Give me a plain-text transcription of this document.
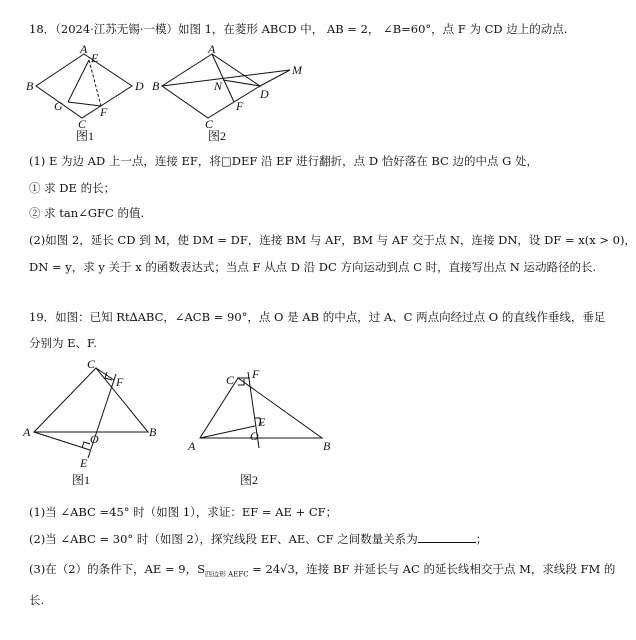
18．（2024·江苏无锡·一模）如图 1，在菱形 ABCD 中， AB = 2， ∠B=60°，点 F 为 CD 边上的动点.
A
E
B	D
G
C
F
图1
A
M
B	N
D
F
C
图2
(1) E 为边 AD 上一点，连接 EF，将□DEF 沿 EF 进行翻折，点 D 恰好落在 BC 边的中点 G 处，
① 求 DE 的长；
② 求 tan∠GFC 的值.
(2)如图 2，延长 CD 到 M，使 DM = DF，连接 BM 与 AF，BM 与 AF 交于点 N，连接 DN，设 DF = x(x > 0)，
DN = y，求 y 关于 x 的函数表达式；当点 F 从点 D 沿 DC 方向运动到点 C 时，直接写出点 N 运动路径的长.
19．如图：已知 Rt∆ABC，∠ACB = 90°，点 O 是 AB 的中点，过 A、C 两点向经过点 O 的直线作垂线，垂足
分别为 E、F.
C
F
A	O	B
E
图1
C F
E
A
O
B
图2
(1)当 ∠ABC =45° 时（如图 1），求证：EF = AE + CF；
(2)当 ∠ABC = 30° 时（如图 2），探究线段 EF、AE、CF 之间数量关系为	；
(3)在（2）的条件下，AE = 9，$S_{四边形 AEFC} = 24√3$，连接 BF 并延长与 AC 的延长线相交于点 M，求线段 FM 的
长.
